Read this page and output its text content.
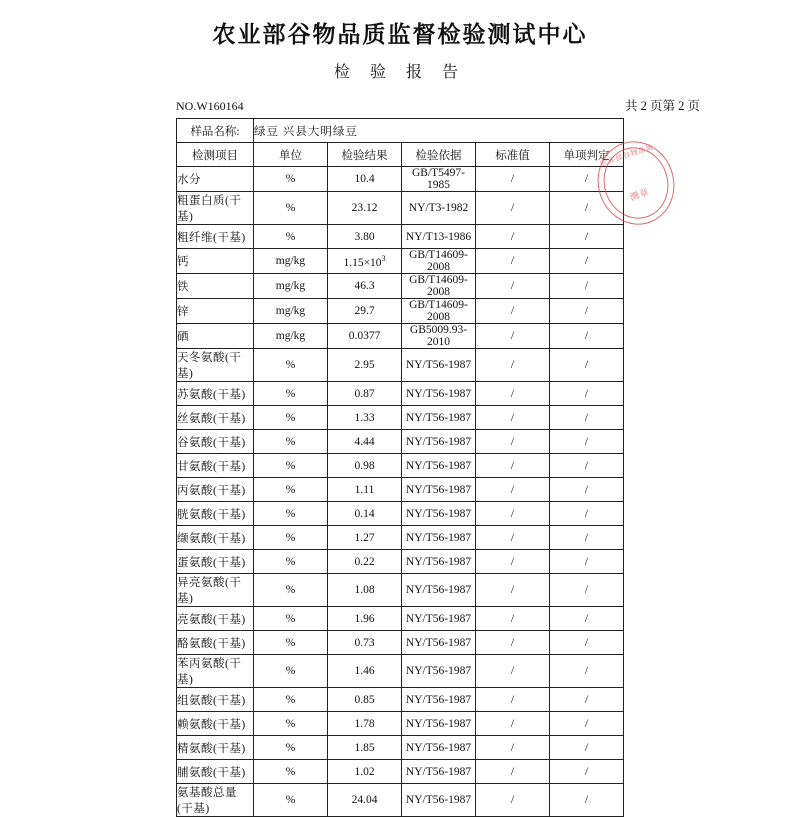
农业部谷物品质监督检验测试中心
检 验 报 告
NO.W160164	共 2 页第 2 页
样品名称:	绿豆 兴县大明绿豆				
检测项目	单位	检验结果	检验依据	标准值	单项判定
水分	%	10.4	GB/T5497-1985	/	/
粗蛋白质(干基)	%	23.12	NY/T3-1982	/	/
粗纤维(干基)	%	3.80	NY/T13-1986	/	/
钙	mg/kg	$1.15\times 10^3$	GB/T14609-2008	/	/
铁	mg/kg	46.3	GB/T14609-2008	/	/
锌	mg/kg	29.7	GB/T14609-2008	/	/
硒	mg/kg	0.0377	GB5009.93-2010	/	/
天冬氨酸(干基)	%	2.95	NY/T56-1987	/	/
苏氨酸(干基)	%	0.87	NY/T56-1987	/	/
丝氨酸(干基)	%	1.33	NY/T56-1987	/	/
谷氨酸(干基)	%	4.44	NY/T56-1987	/	/
甘氨酸(干基)	%	0.98	NY/T56-1987	/	/
丙氨酸(干基)	%	1.11	NY/T56-1987	/	/
胱氨酸(干基)	%	0.14	NY/T56-1987	/	/
缬氨酸(干基)	%	1.27	NY/T56-1987	/	/
蛋氨酸(干基)	%	0.22	NY/T56-1987	/	/
异亮氨酸(干基)	%	1.08	NY/T56-1987	/	/
亮氨酸(干基)	%	1.96	NY/T56-1987	/	/
酪氨酸(干基)	%	0.73	NY/T56-1987	/	/
苯丙氨酸(干基)	%	1.46	NY/T56-1987	/	/
组氨酸(干基)	%	0.85	NY/T56-1987	/	/
赖氨酸(干基)	%	1.78	NY/T56-1987	/	/
精氨酸(干基)	%	1.85	NY/T56-1987	/	/
脯氨酸(干基)	%	1.02	NY/T56-1987	/	/
氨基酸总量(干基)	%	24.04	NY/T56-1987	/	/
农业部谷物品质
测章
